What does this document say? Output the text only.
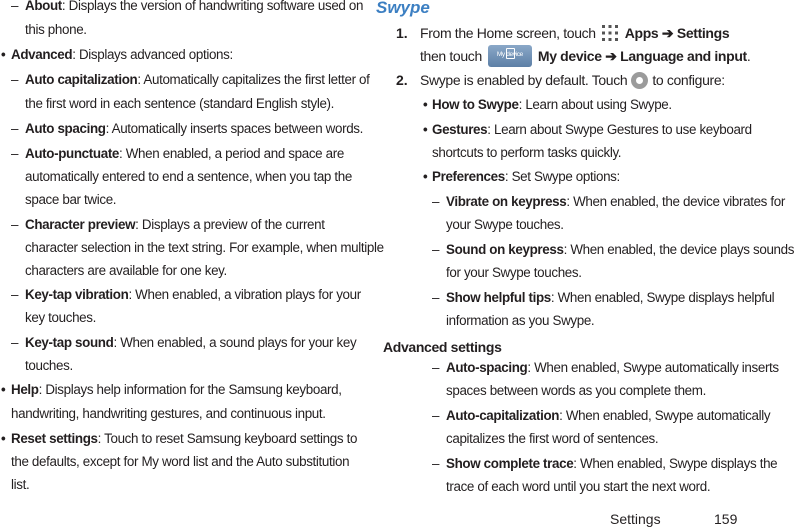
– About: Displays the version of handwriting software used on
this phone.
• Advanced: Displays advanced options:
– Auto capitalization: Automatically capitalizes the first letter of
the first word in each sentence (standard English style).
– Auto spacing: Automatically inserts spaces between words.
– Auto-punctuate: When enabled, a period and space are
automatically entered to end a sentence, when you tap the
space bar twice.
– Character preview: Displays a preview of the current
character selection in the text string. For example, when multiple
characters are available for one key.
– Key-tap vibration: When enabled, a vibration plays for your
key touches.
– Key-tap sound: When enabled, a sound plays for your key
touches.
• Help: Displays help information for the Samsung keyboard,
handwriting, handwriting gestures, and continuous input.
• Reset settings: Touch to reset Samsung keyboard settings to
the defaults, except for My word list and the Auto substitution
list.
Swype
1. From the Home screen, touch Apps ➔ Settings
then touch	My device	My device ➔ Language and input.
2. Swype is enabled by default. Touch to configure:
• How to Swype: Learn about using Swype.
• Gestures: Learn about Swype Gestures to use keyboard
shortcuts to perform tasks quickly.
• Preferences: Set Swype options:
– Vibrate on keypress: When enabled, the device vibrates for
your Swype touches.
– Sound on keypress: When enabled, the device plays sounds
for your Swype touches.
– Show helpful tips: When enabled, Swype displays helpful
information as you Swype.
Advanced settings
– Auto-spacing: When enabled, Swype automatically inserts
spaces between words as you complete them.
– Auto-capitalization: When enabled, Swype automatically
capitalizes the first word of sentences.
– Show complete trace: When enabled, Swype displays the
trace of each word until you start the next word.
Settings	159
